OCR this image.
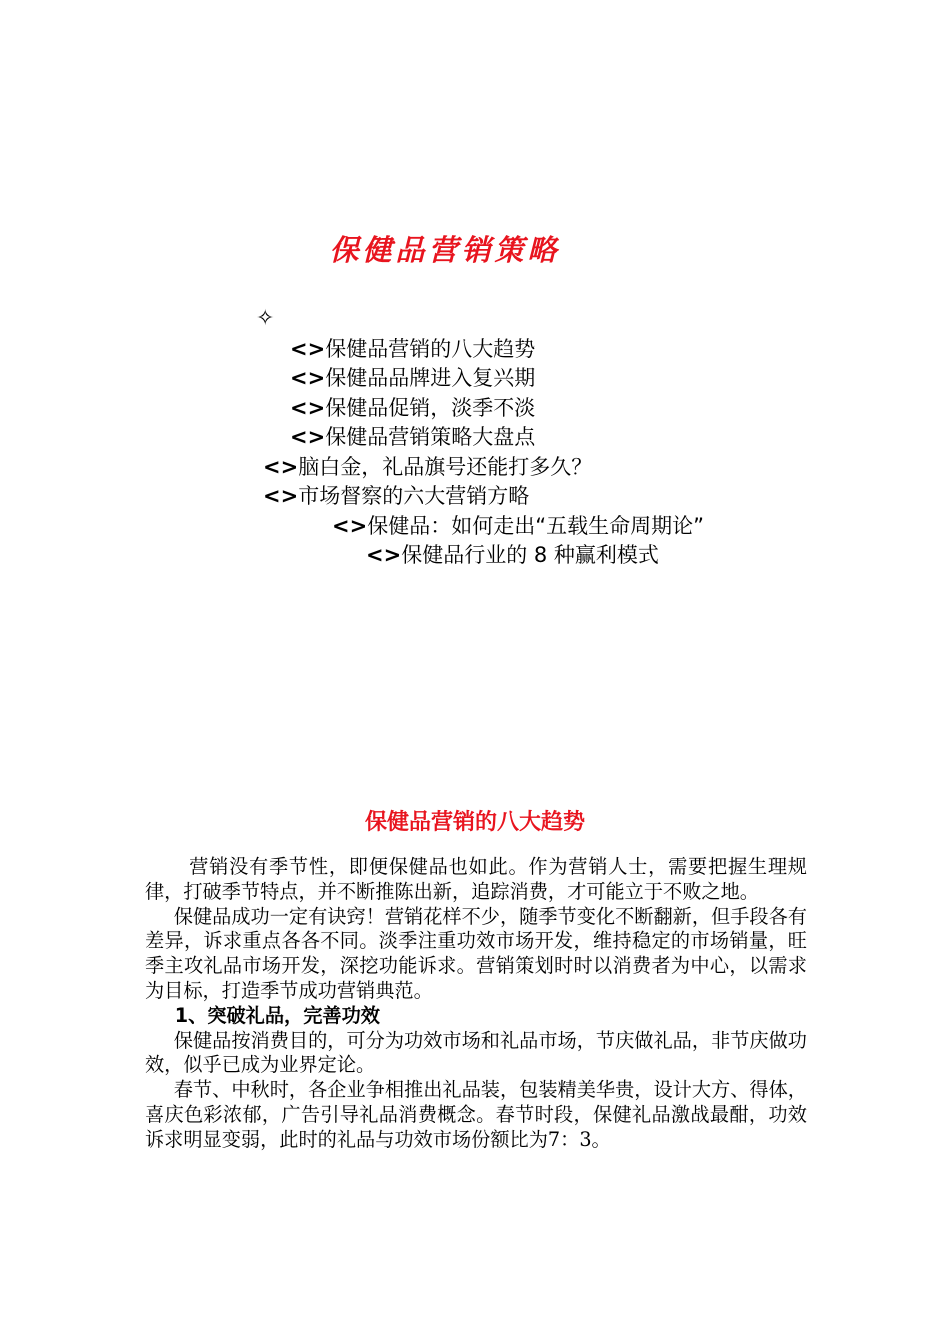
保健品营销策略
✧
<>保健品营销的八大趋势
<>保健品品牌进入复兴期
<>保健品促销，淡季不淡
<>保健品营销策略大盘点
<>脑白金，礼品旗号还能打多久？
<>市场督察的六大营销方略
<>保健品：如何走出“五载生命周期论”
<>保健品行业的 8 种赢利模式
保健品营销的八大趋势

营销没有季节性，即便保健品也如此。作为营销人士，需要把握生理规律，打破季节特点，并不断推陈出新，追踪消费，才可能立于不败之地。

保健品成功一定有诀窍！营销花样不少，随季节变化不断翻新，但手段各有差异，诉求重点各各不同。淡季注重功效市场开发，维持稳定的市场销量，旺季主攻礼品市场开发，深挖功能诉求。营销策划时时以消费者为中心，以需求为目标，打造季节成功营销典范。

1、突破礼品，完善功效

保健品按消费目的，可分为功效市场和礼品市场，节庆做礼品，非节庆做功效，似乎已成为业界定论。

春节、中秋时，各企业争相推出礼品装，包装精美华贵，设计大方、得体，喜庆色彩浓郁，广告引导礼品消费概念。春节时段，保健礼品激战最酣，功效诉求明显变弱，此时的礼品与功效市场份额比为7：3。
